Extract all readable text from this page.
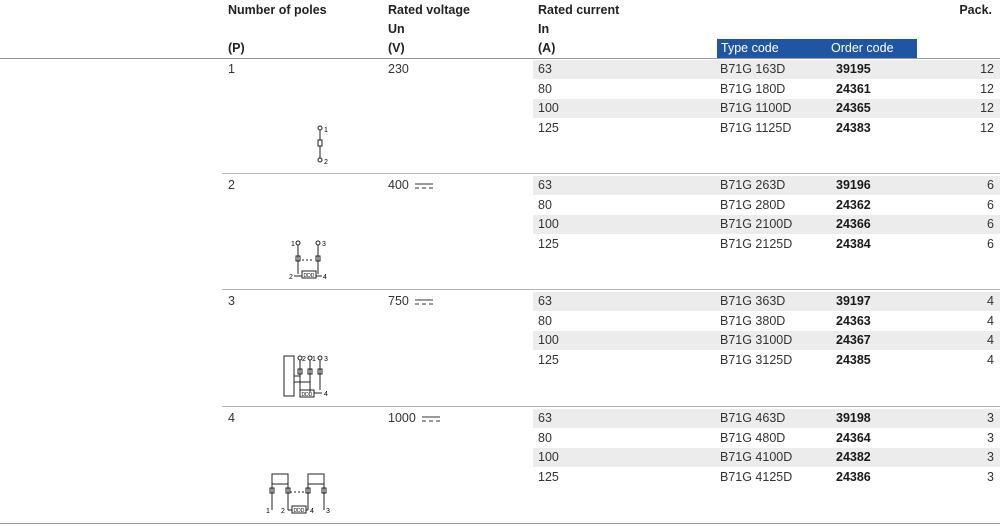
Number of poles
(P)
Rated voltage
Un
(V)
Rated current
In
(A)	Type code	Order code
Pack.
1	230	63	B71G 163D	39195	12
80	B71G 180D	24361	12
100	B71G 1100D	24365	12
125	B71G 1125D	24383	12
2	400	63	B71G 263D	39196	6
80	B71G 280D	24362	6
100	B71G 2100D	24366	6
125	B71G 2125D	24384	6
3	750	63	B71G 363D	39197	4
80	B71G 380D	24363	4
100	B71G 3100D	24367	4
125	B71G 3125D	24385	4
4	1000	63	B71G 463D	39198	3
80	B71G 480D	24364	3
100	B71G 4100D	24382	3
125	B71G 4125D	24386	3
1
2
1	3
2	4
DDD
2 1 3
4
DDD
1 2	4 3
DDD
